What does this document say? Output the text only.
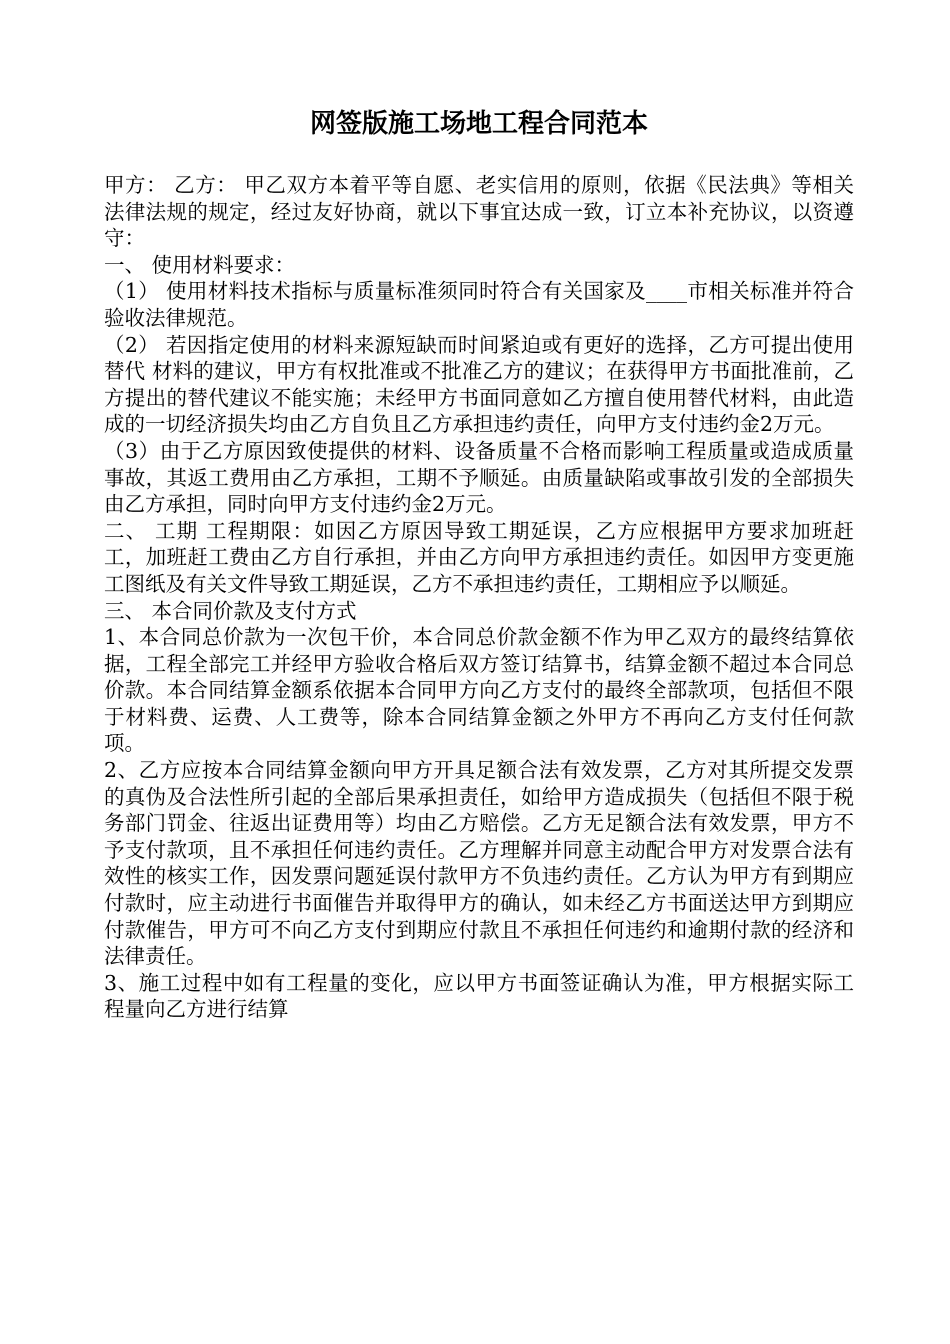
网签版施工场地工程合同范本

甲方： 乙方： 甲乙双方本着平等自愿、老实信用的原则，依据《民法典》等相关法律法规的规定，经过友好协商，就以下事宜达成一致，订立本补充协议，以资遵守：

一、 使用材料要求：

（1） 使用材料技术指标与质量标准须同时符合有关国家及____市相关标准并符合验收法律规范。

（2） 若因指定使用的材料来源短缺而时间紧迫或有更好的选择，乙方可提出使用替代 材料的建议，甲方有权批准或不批准乙方的建议；在获得甲方书面批准前，乙方提出的替代建议不能实施；未经甲方书面同意如乙方擅自使用替代材料，由此造成的一切经济损失均由乙方自负且乙方承担违约责任，向甲方支付违约金2万元。

（3）由于乙方原因致使提供的材料、设备质量不合格而影响工程质量或造成质量事故，其返工费用由乙方承担，工期不予顺延。由质量缺陷或事故引发的全部损失由乙方承担，同时向甲方支付违约金2万元。

二、 工期 工程期限：如因乙方原因导致工期延误，乙方应根据甲方要求加班赶工，加班赶工费由乙方自行承担，并由乙方向甲方承担违约责任。如因甲方变更施工图纸及有关文件导致工期延误，乙方不承担违约责任，工期相应予以顺延。

三、 本合同价款及支付方式

1、本合同总价款为一次包干价，本合同总价款金额不作为甲乙双方的最终结算依据，工程全部完工并经甲方验收合格后双方签订结算书，结算金额不超过本合同总价款。本合同结算金额系依据本合同甲方向乙方支付的最终全部款项，包括但不限于材料费、运费、人工费等，除本合同结算金额之外甲方不再向乙方支付任何款项。

2、乙方应按本合同结算金额向甲方开具足额合法有效发票，乙方对其所提交发票的真伪及合法性所引起的全部后果承担责任，如给甲方造成损失（包括但不限于税务部门罚金、往返出证费用等）均由乙方赔偿。乙方无足额合法有效发票，甲方不予支付款项，且不承担任何违约责任。乙方理解并同意主动配合甲方对发票合法有效性的核实工作，因发票问题延误付款甲方不负违约责任。乙方认为甲方有到期应付款时，应主动进行书面催告并取得甲方的确认，如未经乙方书面送达甲方到期应付款催告，甲方可不向乙方支付到期应付款且不承担任何违约和逾期付款的经济和法律责任。

3、施工过程中如有工程量的变化，应以甲方书面签证确认为准，甲方根据实际工程量向乙方进行结算
